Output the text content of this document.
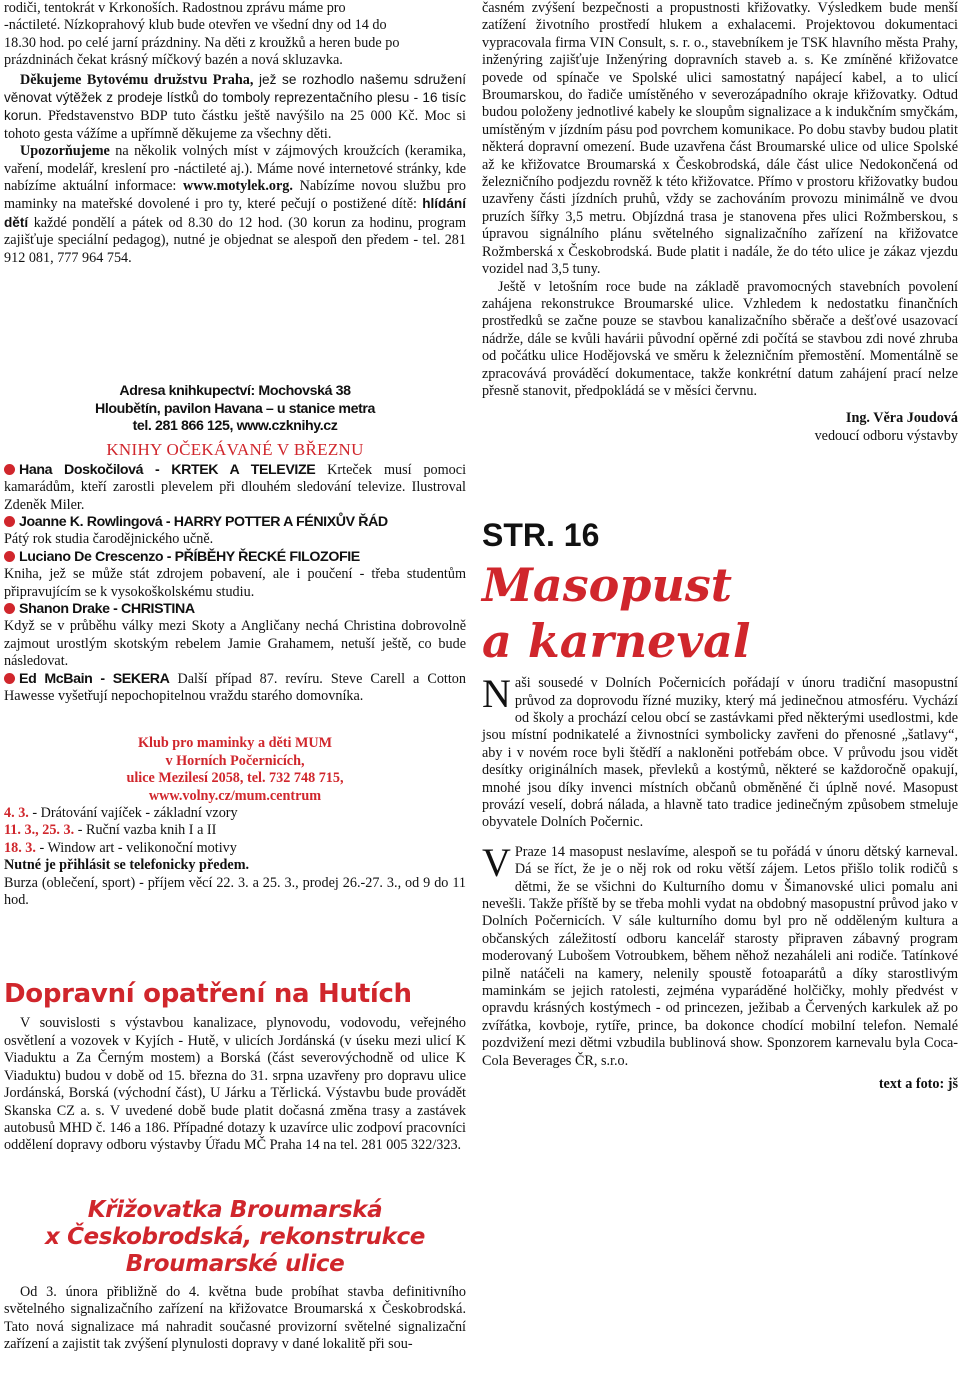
rodiči, tentokrát v Krkonoších. Radostnou zprávu máme pro

-náctileté. Nízkoprahový klub bude otevřen ve všední dny od 14 do

18.30 hod. po celé jarní prázdniny. Na děti z kroužků a heren bude po

prázdninách čekat krásný míčkový bazén a nová skluzavka.

Děkujeme Bytovému družstvu Praha, jež se rozhodlo našemu sdružení věnovat výtěžek z prodeje lístků do tomboly reprezentačního plesu - 16 tisíc korun. Představenstvo BDP tuto částku ještě navýšilo na 25 000 Kč. Moc si tohoto gesta vážíme a upřímně děkujeme za všechny děti.

Upozorňujeme na několik volných míst v zájmových kroužcích (keramika, vaření, modelář, kreslení pro -náctileté aj.). Máme nové internetové stránky, kde nabízíme aktuální informace: www.motylek.org. Nabízíme novou službu pro maminky na mateřské dovolené i pro ty, které pečují o postižené dítě: hlídání dětí každé pondělí a pátek od 8.30 do 12 hod. (30 korun za hodinu, program zajišťuje speciální pedagog), nutné je objednat se alespoň den předem - tel. 281 912 081, 777 964 754.

Adresa knihkupectví: Mochovská 38
Hloubětín, pavilon Havana – u stanice metra
tel. 281 866 125, www.czknihy.cz
KNIHY OČEKÁVANÉ V BŘEZNU

Hana Doskočilová - KRTEK A TELEVIZE Krteček musí pomoci kamarádům, kteří zarostli plevelem při dlouhém sledování televize. Ilustroval Zdeněk Miler.

Joanne K. Rowlingová - HARRY POTTER A FÉNIXŮV ŘÁD

Pátý rok studia čarodějnického učně.

Luciano De Crescenzo - PŘÍBĚHY ŘECKÉ FILOZOFIE

Kniha, jež se může stát zdrojem pobavení, ale i poučení - třeba studentům připravujícím se k vysokoškolskému studiu.

Shanon Drake - CHRISTINA

Když se v průběhu války mezi Skoty a Angličany nechá Christina dobrovolně zajmout urostlým skotským rebelem Jamie Grahamem, netuší ještě, co bude následovat.

Ed McBain - SEKERA Další případ 87. revíru. Steve Carell a Cotton Hawesse vyšetřují nepochopitelnou vraždu starého domovníka.

Klub pro maminky a děti MUM
v Horních Počernicích,
ulice Mezilesí 2058, tel. 732 748 715,
www.volny.cz/mum.centrum

4. 3. - Drátování vajíček - základní vzory

11. 3., 25. 3. - Ruční vazba knih I a II

18. 3. - Window art - velikonoční motivy

Nutné je přihlásit se telefonicky předem.

Burza (oblečení, sport) - příjem věcí 22. 3. a 25. 3., prodej 26.-27. 3., od 9 do 11 hod.

Dopravní opatření na Hutích

V souvislosti s výstavbou kanalizace, plynovodu, vodovodu, veřejného osvětlení a vozovek v Kyjích - Hutě, v ulicích Jordánská (v úseku mezi ulicí K Viaduktu a Za Černým mostem) a Borská (část severovýchodně od ulice K Viaduktu) budou v době od 15. března do 31. srpna uzavřeny pro dopravu ulice Jordánská, Borská (východní část), U Járku a Těrlická. Výstavbu bude provádět Skanska CZ a. s. V uvedené době bude platit dočasná změna trasy a zastávek autobusů MHD č. 146 a 186. Případné dotazy k uzavírce ulic zodpoví pracovníci oddělení dopravy odboru výstavby Úřadu MČ Praha 14 na tel. 281 005 322/323.

Křižovatka Broumarská
x Českobrodská, rekonstrukce
Broumarské ulice

Od 3. února přibližně do 4. května bude probíhat stavba definitivního světelného signalizačního zařízení na křižovatce Broumarská x Českobrodská. Tato nová signalizace má nahradit současné provizorní světelné signalizační zařízení a zajistit tak zvýšení plynulosti dopravy v dané lokalitě při sou-

časném zvýšení bezpečnosti a propustnosti křižovatky. Výsledkem bude menší zatížení životního prostředí hlukem a exhalacemi. Projektovou dokumentaci vypracovala firma VIN Consult, s. r. o., stavebníkem je TSK hlavního města Prahy, inženýring zajišťuje Inženýring dopravních staveb a. s. Ke zmíněné křižovatce povede od spínače ve Spolské ulici samostatný napájecí kabel, a to ulicí Broumarskou, do řadiče umístěného v severozápadního okraje křižovatky. Odtud budou položeny jednotlivé kabely ke sloupům signalizace a k indukčním smyčkám, umístěným v jízdním pásu pod povrchem komunikace. Po dobu stavby budou platit některá dopravní omezení. Bude uzavřena část Broumarské ulice od ulice Spolské až ke křižovatce Broumarská x Českobrodská, dále část ulice Nedokončená od železničního podjezdu rovněž k této křižovatce. Přímo v prostoru křižovatky budou uzavřeny části jízdních pruhů, vždy se zachováním provozu minimálně ve dvou pruzích šířky 3,5 metru. Objízdná trasa je stanovena přes ulici Rožmberskou, s úpravou signálního plánu světelného signalizačního zařízení na křižovatce Rožmberská x Českobrodská. Bude platit i nadále, že do této ulice je zákaz vjezdu vozidel nad 3,5 tuny.

Ještě v letošním roce bude na základě pravomocných stavebních povolení zahájena rekonstrukce Broumarské ulice. Vzhledem k nedostatku finančních prostředků se začne pouze se stavbou kanalizačního sběrače a dešťové usazovací nádrže, dále se kvůli havárii původní opěrné zdi počítá se stavbou zdi nové zhruba od počátku ulice Hodějovská ve směru k železničním přemostění. Momentálně se zpracovává prováděcí dokumentace, takže konkrétní datum zahájení prací nelze přesně stanovit, předpokládá se v měsíci červnu.

Ing. Věra Joudová
vedoucí odboru výstavby
STR. 16
Masopust
a karneval

Naši sousedé v Dolních Počernicích pořádají v únoru tradiční masopustní průvod za doprovodu řízné muziky, který má jedinečnou atmosféru. Vychází od školy a prochází celou obcí se zastávkami před některými usedlostmi, kde jsou místní podnikatelé a živnostníci symbolicky zavřeni do přenosné „šatlavy“, aby i v novém roce byli štědří a nakloněni potřebám obce. V průvodu jsou vidět desítky originálních masek, převleků a kostýmů, některé se každoročně opakují, mnohé jsou díky invenci místních občanů obměněné či úplně nové. Masopust provází veselí, dobrá nálada, a hlavně tato tradice jedinečným způsobem stmeluje obyvatele Dolních Počernic.

V Praze 14 masopust neslavíme, alespoň se tu pořádá v únoru dětský karneval. Dá se říct, že je o něj rok od roku větší zájem. Letos přišlo tolik rodičů s dětmi, že se všichni do Kulturního domu v Šimanovské ulici pomalu ani nevešli. Takže příště by se třeba mohli vydat na obdobný masopustní průvod jako v Dolních Počernicích. V sále kulturního domu byl pro ně odděleným kultura a občanských záležitostí odboru kancelář starosty připraven zábavný program moderovaný Lubošem Votroubkem, během něhož nezaháleli ani rodiče. Tatínkové pilně natáčeli na kamery, nelenily spoustě fotoaparátů a díky starostlivým maminkám se jejich ratolesti, zejména vyparáděné holčičky, mohly předvést v opravdu krásných kostýmech - od princezen, ježibab a Červených karkulek až po zvířátka, kovboje, rytíře, prince, ba dokonce chodící mobilní telefon. Nemalé pozdvižení mezi dětmi vzbudila bublinová show. Sponzorem karnevalu byla Coca-Cola Beverages ČR, s.r.o.

text a foto: jš
